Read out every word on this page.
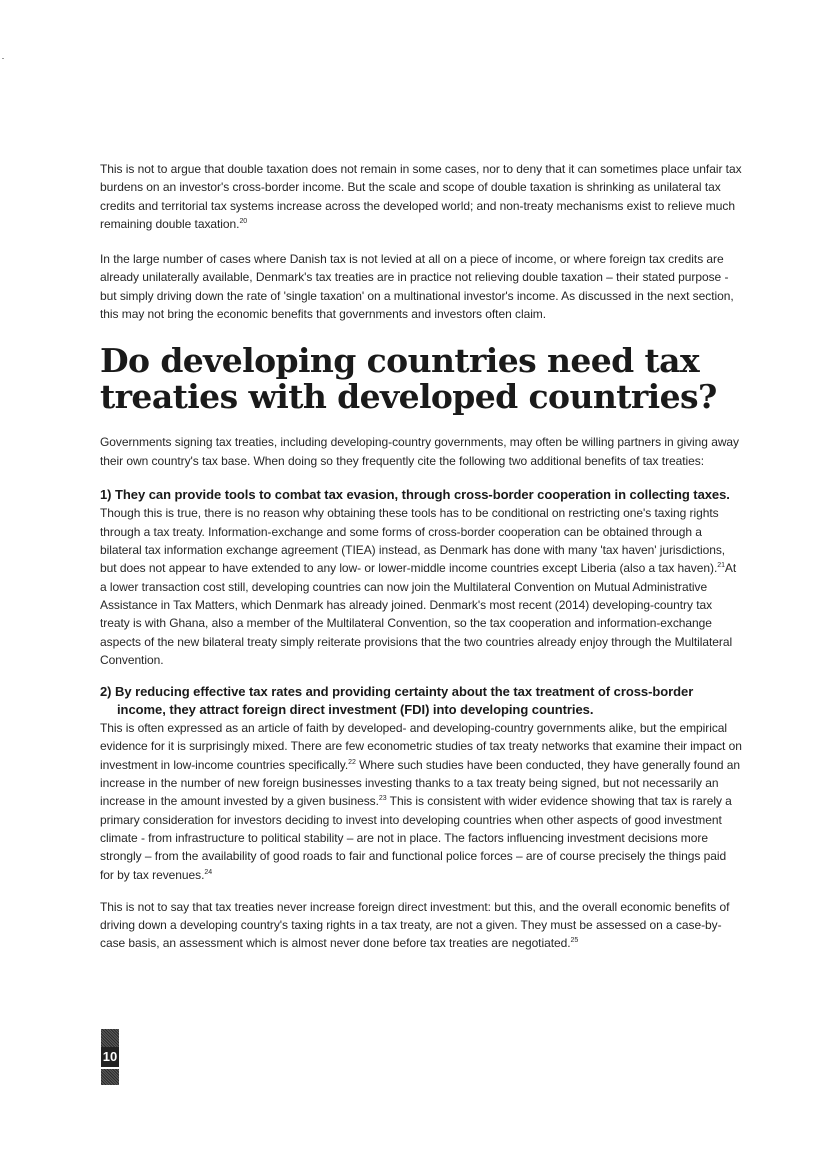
This is not to argue that double taxation does not remain in some cases, nor to deny that it can sometimes place unfair tax burdens on an investor's cross-border income. But the scale and scope of double taxation is shrinking as unilateral tax credits and territorial tax systems increase across the developed world; and non-treaty mechanisms exist to relieve much remaining double taxation.$^{20}$

In the large number of cases where Danish tax is not levied at all on a piece of income, or where foreign tax credits are already unilaterally available, Denmark's tax treaties are in practice not relieving double taxation – their stated purpose - but simply driving down the rate of 'single taxation' on a multinational investor's income. As discussed in the next section, this may not bring the economic benefits that governments and investors often claim.

Do developing countries need tax treaties with developed countries?

Governments signing tax treaties, including developing-country governments, may often be willing partners in giving away their own country's tax base. When doing so they frequently cite the following two additional benefits of tax treaties:

1) They can provide tools to combat tax evasion, through cross-border cooperation in collecting taxes.

Though this is true, there is no reason why obtaining these tools has to be conditional on restricting one's taxing rights through a tax treaty. Information-exchange and some forms of cross-border cooperation can be obtained through a bilateral tax information exchange agreement (TIEA) instead, as Denmark has done with many 'tax haven' jurisdictions, but does not appear to have extended to any low- or lower-middle income countries except Liberia (also a tax haven).$^{21}$At a lower transaction cost still, developing countries can now join the Multilateral Convention on Mutual Administrative Assistance in Tax Matters, which Denmark has already joined. Denmark's most recent (2014) developing-country tax treaty is with Ghana, also a member of the Multilateral Convention, so the tax cooperation and information-exchange aspects of the new bilateral treaty simply reiterate provisions that the two countries already enjoy through the Multilateral Convention.

2) By reducing effective tax rates and providing certainty about the tax treatment of cross-border income, they attract foreign direct investment (FDI) into developing countries.

This is often expressed as an article of faith by developed- and developing-country governments alike, but the empirical evidence for it is surprisingly mixed. There are few econometric studies of tax treaty networks that examine their impact on investment in low-income countries specifically.$^{22}$ Where such studies have been conducted, they have generally found an increase in the number of new foreign businesses investing thanks to a tax treaty being signed, but not necessarily an increase in the amount invested by a given business.$^{23}$ This is consistent with wider evidence showing that tax is rarely a primary consideration for investors deciding to invest into developing countries when other aspects of good investment climate - from infrastructure to political stability – are not in place. The factors influencing investment decisions more strongly – from the availability of good roads to fair and functional police forces – are of course precisely the things paid for by tax revenues.$^{24}$

This is not to say that tax treaties never increase foreign direct investment: but this, and the overall economic benefits of driving down a developing country's taxing rights in a tax treaty, are not a given. They must be assessed on a case-by-case basis, an assessment which is almost never done before tax treaties are negotiated.$^{25}$

10
